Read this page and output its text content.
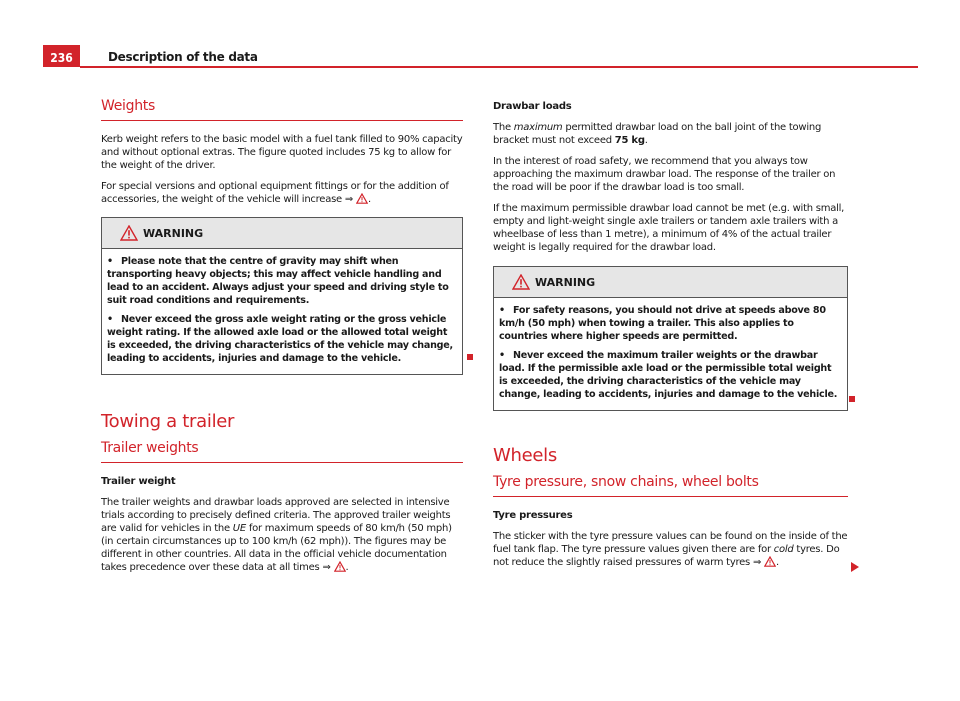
236	Description of the data
Weights

Kerb weight refers to the basic model with a fuel tank filled to 90% capacity and without optional extras. The figure quoted includes 75 kg to allow for the weight of the driver.

For special versions and optional equipment fittings or for the addition of accessories, the weight of the vehicle will increase ⇒ .

WARNING
• Please note that the centre of gravity may shift when transporting heavy objects; this may affect vehicle handling and lead to an accident. Always adjust your speed and driving style to suit road conditions and requirements.
• Never exceed the gross axle weight rating or the gross vehicle weight rating. If the allowed axle load or the allowed total weight is exceeded, the driving characteristics of the vehicle may change, leading to accidents, injuries and damage to the vehicle.
Towing a trailer
Trailer weights

Trailer weight

The trailer weights and drawbar loads approved are selected in intensive trials according to precisely defined criteria. The approved trailer weights are valid for vehicles in the UE for maximum speeds of 80 km/h (50 mph) (in certain circumstances up to 100 km/h (62 mph)). The figures may be different in other countries. All data in the official vehicle documentation takes precedence over these data at all times ⇒ .

Drawbar loads

The maximum permitted drawbar load on the ball joint of the towing bracket must not exceed 75 kg.

In the interest of road safety, we recommend that you always tow approaching the maximum drawbar load. The response of the trailer on the road will be poor if the drawbar load is too small.

If the maximum permissible drawbar load cannot be met (e.g. with small, empty and light-weight single axle trailers or tandem axle trailers with a wheelbase of less than 1 metre), a minimum of 4% of the actual trailer weight is legally required for the drawbar load.

WARNING
• For safety reasons, you should not drive at speeds above 80 km/h (50 mph) when towing a trailer. This also applies to countries where higher speeds are permitted.
• Never exceed the maximum trailer weights or the drawbar load. If the permissible axle load or the permissible total weight is exceeded, the driving characteristics of the vehicle may change, leading to accidents, injuries and damage to the vehicle.
Wheels
Tyre pressure, snow chains, wheel bolts

Tyre pressures

The sticker with the tyre pressure values can be found on the inside of the fuel tank flap. The tyre pressure values given there are for cold tyres. Do not reduce the slightly raised pressures of warm tyres ⇒ .
